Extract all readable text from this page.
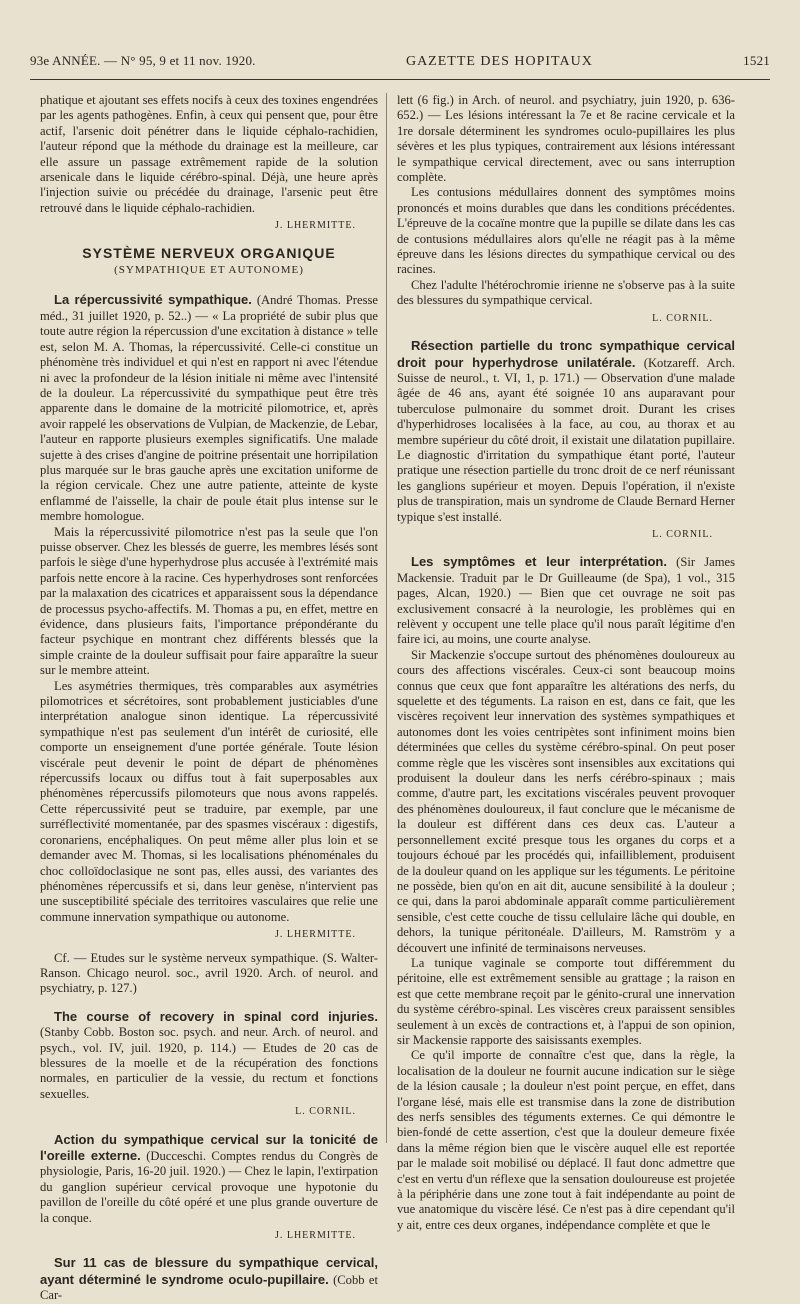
93e ANNÉE. — N° 95, 9 et 11 nov. 1920.	GAZETTE DES HOPITAUX	1521

phatique et ajoutant ses effets nocifs à ceux des toxines engendrées par les agents pathogènes. Enfin, à ceux qui pensent que, pour être actif, l'arsenic doit pénétrer dans le liquide céphalo-rachidien, l'auteur répond que la méthode du drainage est la meilleure, car elle assure un passage extrêmement rapide de la solution arsenicale dans le liquide cérébro-spinal. Déjà, une heure après l'injection suivie ou précédée du drainage, l'arsenic peut être retrouvé dans le liquide céphalo-rachidien.

J. LHERMITTE.
SYSTÈME NERVEUX ORGANIQUE
(SYMPATHIQUE ET AUTONOME)

La répercussivité sympathique. (André Thomas. Presse méd., 31 juillet 1920, p. 52..) — « La propriété de subir plus que toute autre région la répercussion d'une excitation à distance » telle est, selon M. A. Thomas, la répercussivité. Celle-ci constitue un phénomène très individuel et qui n'est en rapport ni avec l'étendue ni avec la profondeur de la lésion initiale ni même avec l'intensité de la douleur. La répercussivité du sympathique peut être très apparente dans le domaine de la motricité pilomotrice, et, après avoir rappelé les observations de Vulpian, de Mackenzie, de Lebar, l'auteur en rapporte plusieurs exemples significatifs. Une malade sujette à des crises d'angine de poitrine présentait une horripilation plus marquée sur le bras gauche après une excitation uniforme de la région cervicale. Chez une autre patiente, atteinte de kyste enflammé de l'aisselle, la chair de poule était plus intense sur le membre homologue.

Mais la répercussivité pilomotrice n'est pas la seule que l'on puisse observer. Chez les blessés de guerre, les membres lésés sont parfois le siège d'une hyperhydrose plus accusée à l'extrémité mais parfois nette encore à la racine. Ces hyperhydroses sont renforcées par la malaxation des cicatrices et apparaissent sous la dépendance de processus psycho-affectifs. M. Thomas a pu, en effet, mettre en évidence, dans plusieurs faits, l'importance prépondérante du facteur psychique en montrant chez différents blessés que la simple crainte de la douleur suffisait pour faire apparaître la sueur sur le membre atteint.

Les asymétries thermiques, très comparables aux asymétries pilomotrices et sécrétoires, sont probablement justiciables d'une interprétation analogue sinon identique. La répercussivité sympathique n'est pas seulement d'un intérêt de curiosité, elle comporte un enseignement d'une portée générale. Toute lésion viscérale peut devenir le point de départ de phénomènes répercussifs locaux ou diffus tout à fait superposables aux phénomènes répercussifs pilomoteurs que nous avons rappelés. Cette répercussivité peut se traduire, par exemple, par une surréflectivité momentanée, par des spasmes viscéraux : digestifs, coronariens, encéphaliques. On peut même aller plus loin et se demander avec M. Thomas, si les localisations phénoménales du choc colloïdoclasique ne sont pas, elles aussi, des variantes des phénomènes répercussifs et si, dans leur genèse, n'intervient pas une susceptibilité spéciale des territoires vasculaires que relie une commune innervation sympathique ou autonome.

J. LHERMITTE.

Cf. — Etudes sur le système nerveux sympathique. (S. Walter-Ranson. Chicago neurol. soc., avril 1920. Arch. of neurol. and psychiatry, p. 127.)

The course of recovery in spinal cord injuries. (Stanby Cobb. Boston soc. psych. and neur. Arch. of neurol. and psych., vol. IV, juil. 1920, p. 114.) — Etudes de 20 cas de blessures de la moelle et de la récupération des fonctions normales, en particulier de la vessie, du rectum et fonctions sexuelles.

L. CORNIL.

Action du sympathique cervical sur la tonicité de l'oreille externe. (Ducceschi. Comptes rendus du Congrès de physiologie, Paris, 16-20 juil. 1920.) — Chez le lapin, l'extirpation du ganglion supérieur cervical provoque une hypotonie du pavillon de l'oreille du côté opéré et une plus grande ouverture de la conque.

J. LHERMITTE.

Sur 11 cas de blessure du sympathique cervical, ayant déterminé le syndrome oculo-pupillaire. (Cobb et Car-

lett (6 fig.) in Arch. of neurol. and psychiatry, juin 1920, p. 636-652.) — Les lésions intéressant la 7e et 8e racine cervicale et la 1re dorsale déterminent les syndromes oculo-pupillaires les plus sévères et les plus typiques, contrairement aux lésions intéressant le sympathique cervical directement, avec ou sans interruption complète.

Les contusions médullaires donnent des symptômes moins prononcés et moins durables que dans les conditions précédentes. L'épreuve de la cocaïne montre que la pupille se dilate dans les cas de contusions médullaires alors qu'elle ne réagit pas à la même épreuve dans les lésions directes du sympathique cervical ou des racines.

Chez l'adulte l'hétérochromie irienne ne s'observe pas à la suite des blessures du sympathique cervical.

L. CORNIL.

Résection partielle du tronc sympathique cervical droit pour hyperhydrose unilatérale. (Kotzareff. Arch. Suisse de neurol., t. VI, 1, p. 171.) — Observation d'une malade âgée de 46 ans, ayant été soignée 10 ans auparavant pour tuberculose pulmonaire du sommet droit. Durant les crises d'hyperhidroses localisées à la face, au cou, au thorax et au membre supérieur du côté droit, il existait une dilatation pupillaire. Le diagnostic d'irritation du sympathique étant porté, l'auteur pratique une résection partielle du tronc droit de ce nerf réunissant les ganglions supérieur et moyen. Depuis l'opération, il n'existe plus de transpiration, mais un syndrome de Claude Bernard Herner typique s'est installé.

L. CORNIL.

Les symptômes et leur interprétation. (Sir James Mackensie. Traduit par le Dr Guilleaume (de Spa), 1 vol., 315 pages, Alcan, 1920.) — Bien que cet ouvrage ne soit pas exclusivement consacré à la neurologie, les problèmes qui en relèvent y occupent une telle place qu'il nous paraît légitime d'en faire ici, au moins, une courte analyse.

Sir Mackenzie s'occupe surtout des phénomènes douloureux au cours des affections viscérales. Ceux-ci sont beaucoup moins connus que ceux que font apparaître les altérations des nerfs, du squelette et des téguments. La raison en est, dans ce fait, que les viscères reçoivent leur innervation des systèmes sympathiques et autonomes dont les voies centripètes sont infiniment moins bien déterminées que celles du système cérébro-spinal. On peut poser comme règle que les viscères sont insensibles aux excitations qui produisent la douleur dans les nerfs cérébro-spinaux ; mais comme, d'autre part, les excitations viscérales peuvent provoquer des phénomènes douloureux, il faut conclure que le mécanisme de la douleur est différent dans ces deux cas. L'auteur a personnellement excité presque tous les organes du corps et a toujours échoué par les procédés qui, infailliblement, produisent de la douleur quand on les applique sur les téguments. Le péritoine ne possède, bien qu'on en ait dit, aucune sensibilité à la douleur ; ce qui, dans la paroi abdominale apparaît comme particulièrement sensible, c'est cette couche de tissu cellulaire lâche qui double, en dehors, la tunique péritonéale. D'ailleurs, M. Ramström y a découvert une infinité de terminaisons nerveuses.

La tunique vaginale se comporte tout différemment du péritoine, elle est extrêmement sensible au grattage ; la raison en est que cette membrane reçoit par le génito-crural une innervation du système cérébro-spinal. Les viscères creux paraissent sensibles seulement à un excès de contractions et, à l'appui de son opinion, sir Mackensie rapporte des saisissants exemples.

Ce qu'il importe de connaître c'est que, dans la règle, la localisation de la douleur ne fournit aucune indication sur le siège de la lésion causale ; la douleur n'est point perçue, en effet, dans l'organe lésé, mais elle est transmise dans la zone de distribution des nerfs sensibles des téguments externes. Ce qui démontre le bien-fondé de cette assertion, c'est que la douleur demeure fixée dans la même région bien que le viscère auquel elle est reportée par le malade soit mobilisé ou déplacé. Il faut donc admettre que c'est en vertu d'un réflexe que la sensation douloureuse est projetée à la périphérie dans une zone tout à fait indépendante au point de vue anatomique du viscère lésé. Ce n'est pas à dire cependant qu'il y ait, entre ces deux organes, indépendance complète et que le
